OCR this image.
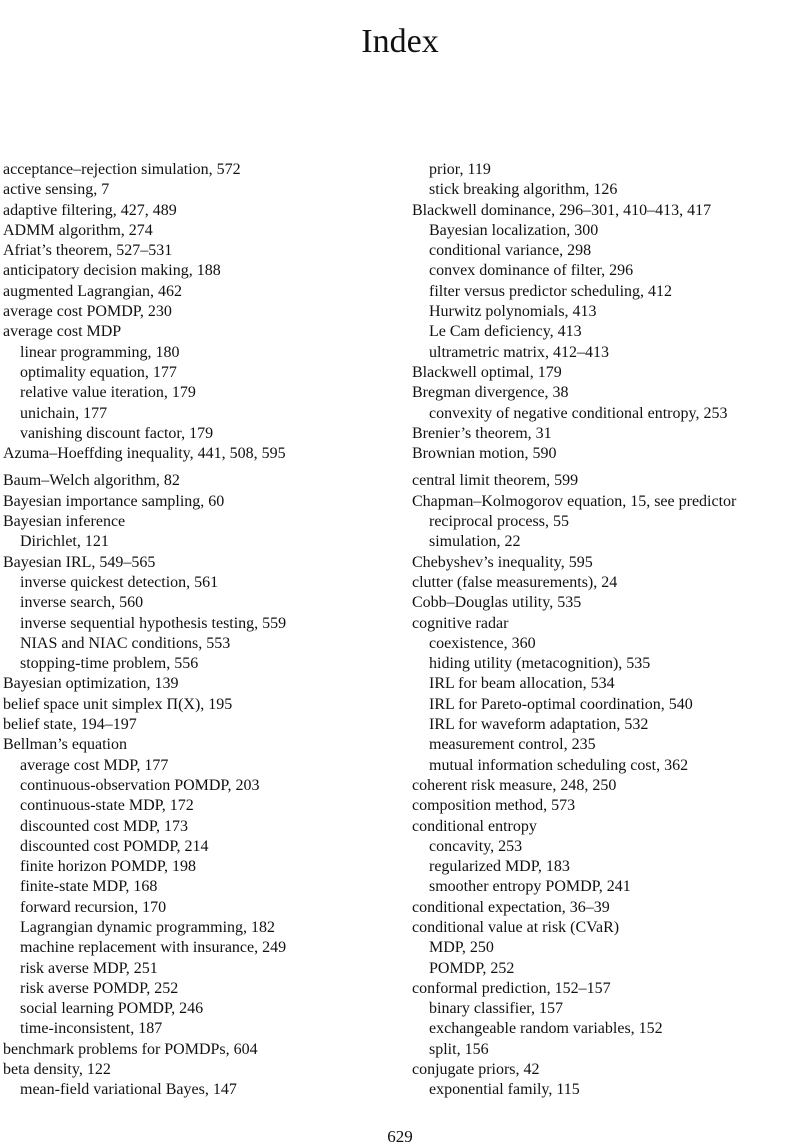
Index
acceptance–rejection simulation, 572
active sensing, 7
adaptive filtering, 427, 489
ADMM algorithm, 274
Afriat’s theorem, 527–531
anticipatory decision making, 188
augmented Lagrangian, 462
average cost POMDP, 230
average cost MDP
linear programming, 180
optimality equation, 177
relative value iteration, 179
unichain, 177
vanishing discount factor, 179
Azuma–Hoeffding inequality, 441, 508, 595
Baum–Welch algorithm, 82
Bayesian importance sampling, 60
Bayesian inference
Dirichlet, 121
Bayesian IRL, 549–565
inverse quickest detection, 561
inverse search, 560
inverse sequential hypothesis testing, 559
NIAS and NIAC conditions, 553
stopping-time problem, 556
Bayesian optimization, 139
belief space unit simplex Π(X), 195
belief state, 194–197
Bellman’s equation
average cost MDP, 177
continuous-observation POMDP, 203
continuous-state MDP, 172
discounted cost MDP, 173
discounted cost POMDP, 214
finite horizon POMDP, 198
finite-state MDP, 168
forward recursion, 170
Lagrangian dynamic programming, 182
machine replacement with insurance, 249
risk averse MDP, 251
risk averse POMDP, 252
social learning POMDP, 246
time-inconsistent, 187
benchmark problems for POMDPs, 604
beta density, 122
mean-field variational Bayes, 147
prior, 119
stick breaking algorithm, 126
Blackwell dominance, 296–301, 410–413, 417
Bayesian localization, 300
conditional variance, 298
convex dominance of filter, 296
filter versus predictor scheduling, 412
Hurwitz polynomials, 413
Le Cam deficiency, 413
ultrametric matrix, 412–413
Blackwell optimal, 179
Bregman divergence, 38
convexity of negative conditional entropy, 253
Brenier’s theorem, 31
Brownian motion, 590
central limit theorem, 599
Chapman–Kolmogorov equation, 15, see predictor
reciprocal process, 55
simulation, 22
Chebyshev’s inequality, 595
clutter (false measurements), 24
Cobb–Douglas utility, 535
cognitive radar
coexistence, 360
hiding utility (metacognition), 535
IRL for beam allocation, 534
IRL for Pareto-optimal coordination, 540
IRL for waveform adaptation, 532
measurement control, 235
mutual information scheduling cost, 362
coherent risk measure, 248, 250
composition method, 573
conditional entropy
concavity, 253
regularized MDP, 183
smoother entropy POMDP, 241
conditional expectation, 36–39
conditional value at risk (CVaR)
MDP, 250
POMDP, 252
conformal prediction, 152–157
binary classifier, 157
exchangeable random variables, 152
split, 156
conjugate priors, 42
exponential family, 115
629
